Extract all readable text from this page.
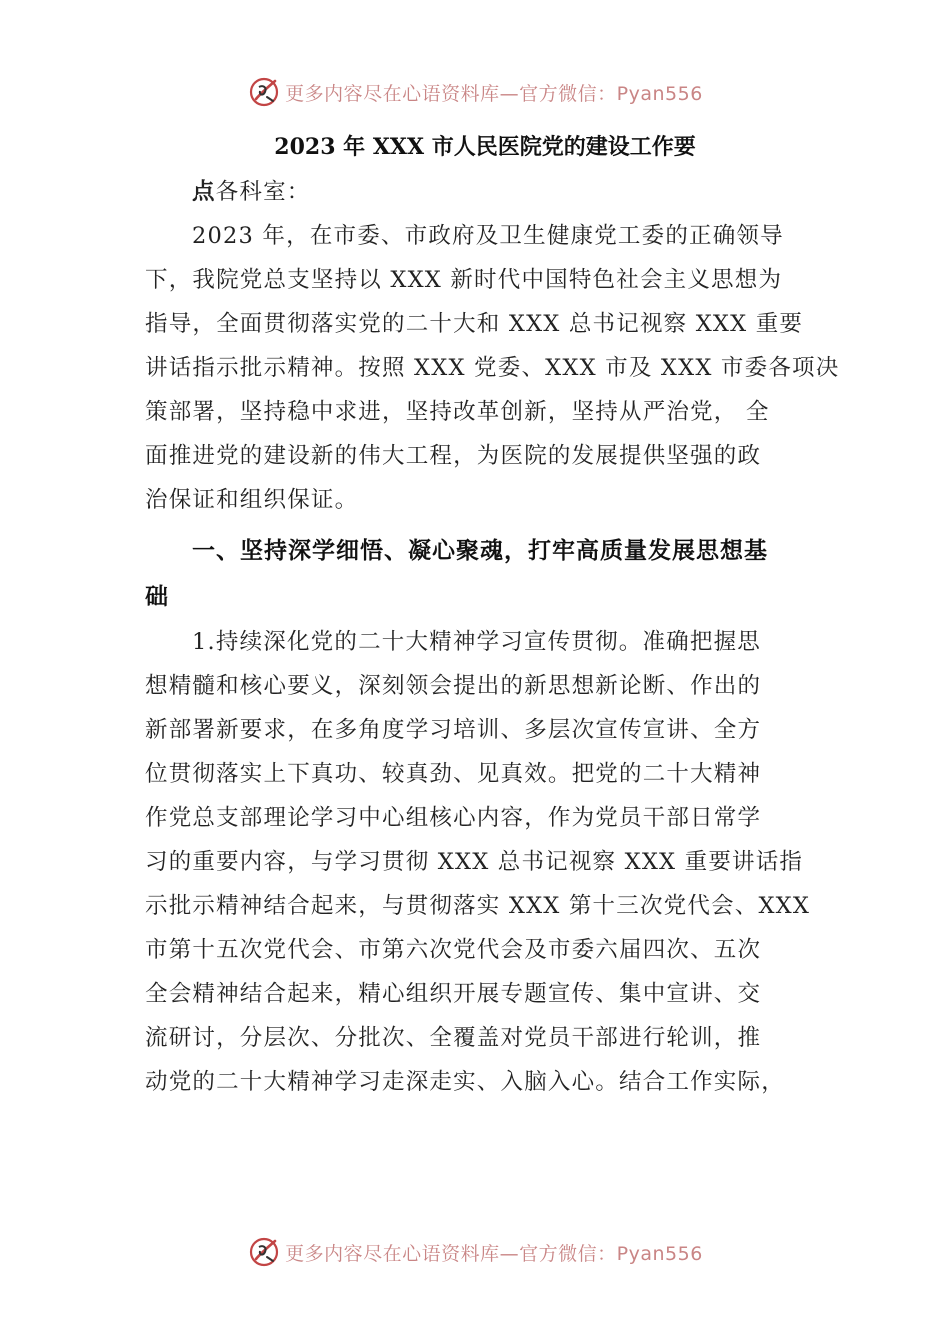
更多内容尽在心语资料库—官方微信：Pyan556
2023 年 XXX 市人民医院党的建设工作要

点各科室：

2023 年，在市委、市政府及卫生健康党工委的正确领导

下，我院党总支坚持以 XXX 新时代中国特色社会主义思想为

指导，全面贯彻落实党的二十大和 XXX 总书记视察 XXX 重要

讲话指示批示精神。按照 XXX 党委、XXX 市及 XXX 市委各项决

策部署，坚持稳中求进，坚持改革创新，坚持从严治党， 全

面推进党的建设新的伟大工程，为医院的发展提供坚强的政

治保证和组织保证。

一、坚持深学细悟、凝心聚魂，打牢高质量发展思想基

础

1.持续深化党的二十大精神学习宣传贯彻。准确把握思

想精髓和核心要义，深刻领会提出的新思想新论断、作出的

新部署新要求，在多角度学习培训、多层次宣传宣讲、全方

位贯彻落实上下真功、较真劲、见真效。把党的二十大精神

作党总支部理论学习中心组核心内容，作为党员干部日常学

习的重要内容，与学习贯彻 XXX 总书记视察 XXX 重要讲话指

示批示精神结合起来，与贯彻落实 XXX 第十三次党代会、XXX

市第十五次党代会、市第六次党代会及市委六届四次、五次

全会精神结合起来，精心组织开展专题宣传、集中宣讲、交

流研讨，分层次、分批次、全覆盖对党员干部进行轮训，推

动党的二十大精神学习走深走实、入脑入心。结合工作实际，

更多内容尽在心语资料库—官方微信：Pyan556
